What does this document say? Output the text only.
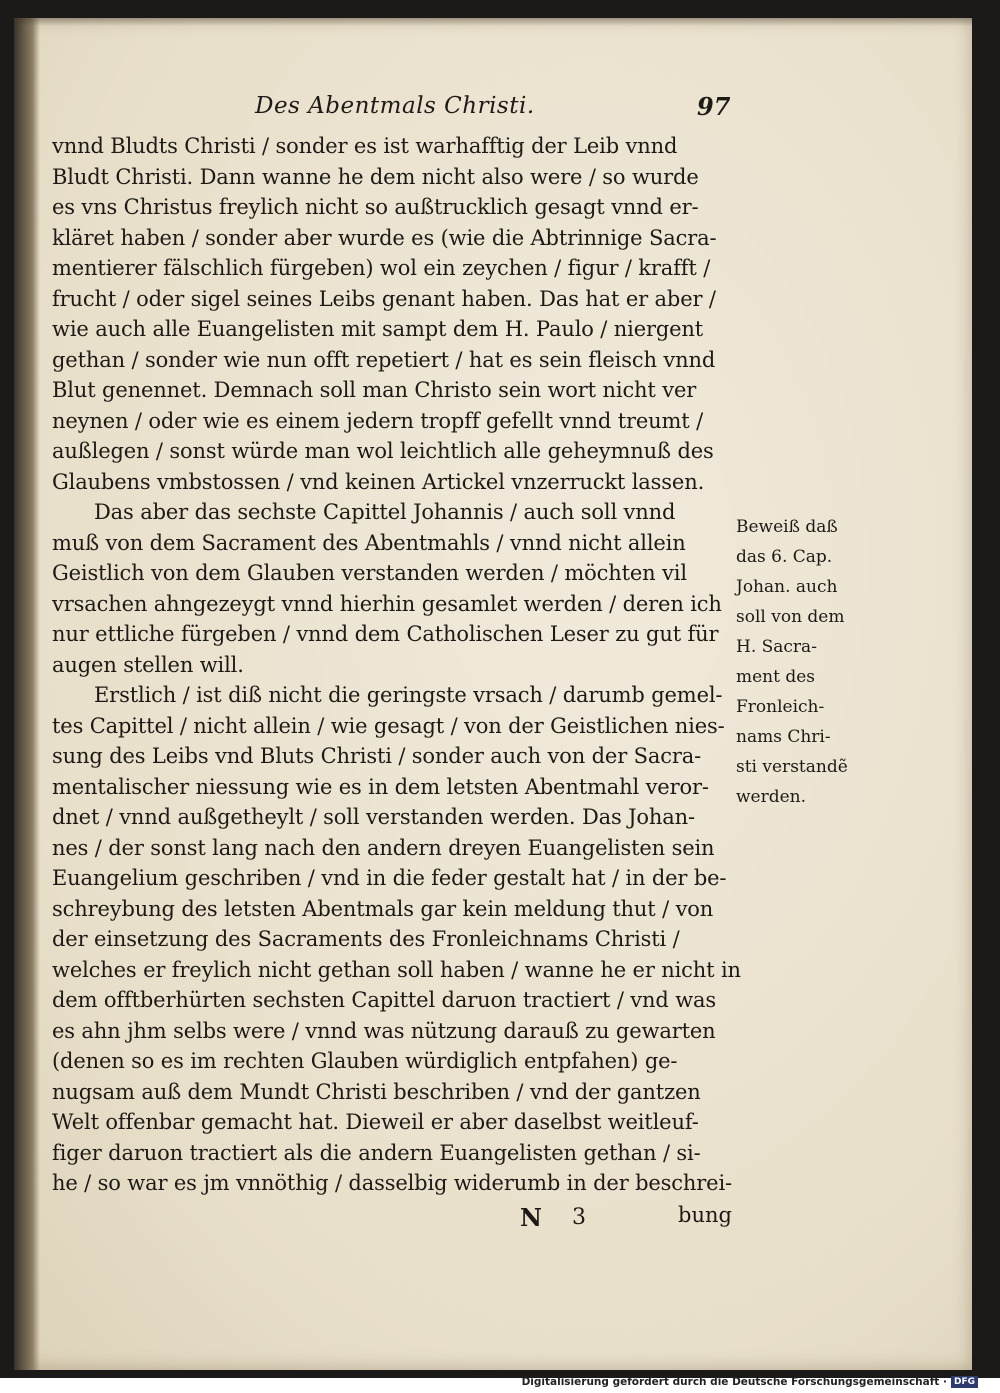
Des Abentmals Christi.	97
vnnd Bludts Christi / sonder es ist warhafftig der Leib vnnd
Bludt Christi. Dann wanne he dem nicht also were / so wurde
es vns Christus freylich nicht so außtrucklich gesagt vnnd er-
kläret haben / sonder aber wurde es (wie die Abtrinnige Sacra-
mentierer fälschlich fürgeben) wol ein zeychen / figur / krafft /
frucht / oder sigel seines Leibs genant haben. Das hat er aber /
wie auch alle Euangelisten mit sampt dem H. Paulo / niergent
gethan / sonder wie nun offt repetiert / hat es sein fleisch vnnd
Blut genennet. Demnach soll man Christo sein wort nicht ver
neynen / oder wie es einem jedern tropff gefellt vnnd treumt /
außlegen / sonst würde man wol leichtlich alle geheymnuß des
Glaubens vmbstossen / vnd keinen Artickel vnzerruckt lassen.
Das aber das sechste Capittel Johannis / auch soll vnnd
muß von dem Sacrament des Abentmahls / vnnd nicht allein
Geistlich von dem Glauben verstanden werden / möchten vil
vrsachen ahngezeygt vnnd hierhin gesamlet werden / deren ich
nur ettliche fürgeben / vnnd dem Catholischen Leser zu gut für
augen stellen will.
Erstlich / ist diß nicht die geringste vrsach / darumb gemel-
tes Capittel / nicht allein / wie gesagt / von der Geistlichen nies-
sung des Leibs vnd Bluts Christi / sonder auch von der Sacra-
mentalischer niessung wie es in dem letsten Abentmahl veror-
dnet / vnnd außgetheylt / soll verstanden werden. Das Johan-
nes / der sonst lang nach den andern dreyen Euangelisten sein
Euangelium geschriben / vnd in die feder gestalt hat / in der be-
schreybung des letsten Abentmals gar kein meldung thut / von
der einsetzung des Sacraments des Fronleichnams Christi /
welches er freylich nicht gethan soll haben / wanne he er nicht in
dem offtberhürten sechsten Capittel daruon tractiert / vnd was
es ahn jhm selbs were / vnnd was nützung darauß zu gewarten
(denen so es im rechten Glauben würdiglich entpfahen) ge-
nugsam auß dem Mundt Christi beschriben / vnd der gantzen
Welt offenbar gemacht hat. Dieweil er aber daselbst weitleuf-
figer daruon tractiert als die andern Euangelisten gethan / si-
he / so war es jm vnnöthig / dasselbig widerumb in der beschrei-
Beweiß daß
das 6. Cap.
Johan. auch
soll von dem
H. Sacra-
ment des
Fronleich-
nams Chri-
sti verstandẽ
werden.
N 3	bung
Digitalisierung gefördert durch die Deutsche Forschungsgemeinschaft · DFG
